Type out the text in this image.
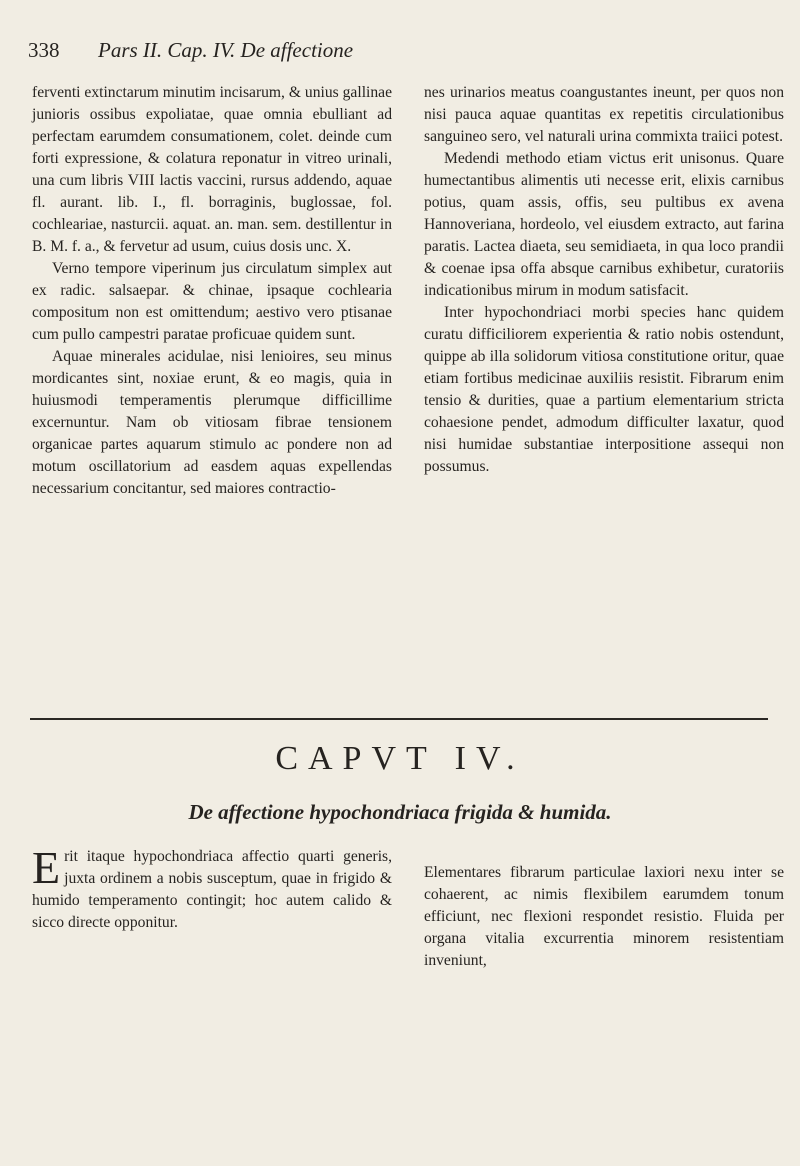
338 Pars II. Cap. IV. De affectione

ferventi extinctarum minutim incisarum, & unius gallinae junioris ossibus expoliatae, quae omnia ebulliant ad perfectam earumdem consumationem, colet. deinde cum forti expressione, & colatura reponatur in vitreo urinali, una cum libris VIII lactis vaccini, rursus addendo, aquae fl. aurant. lib. I., fl. borraginis, buglossae, fol. cochleariae, nasturcii. aquat. an. man. sem. destillentur in B. M. f. a., & fervetur ad usum, cuius dosis unc. X.

Verno tempore viperinum jus circulatum simplex aut ex radic. salsaepar. & chinae, ipsaque cochlearia compositum non est omittendum; aestivo vero ptisanae cum pullo campestri paratae proficuae quidem sunt.

Aquae minerales acidulae, nisi lenioires, seu minus mordicantes sint, noxiae erunt, & eo magis, quia in huiusmodi temperamentis plerumque difficillime excernuntur. Nam ob vitiosam fibrae tensionem organicae partes aquarum stimulo ac pondere non ad motum oscillatorium ad easdem aquas expellendas necessarium concitantur, sed maiores contractio-

nes urinarios meatus coangustantes ineunt, per quos non nisi pauca aquae quantitas ex repetitis circulationibus sanguineo sero, vel naturali urina commixta traiici potest.

Medendi methodo etiam victus erit unisonus. Quare humectantibus alimentis uti necesse erit, elixis carnibus potius, quam assis, offis, seu pultibus ex avena Hannoveriana, hordeolo, vel eiusdem extracto, aut farina paratis. Lactea diaeta, seu semidiaeta, in qua loco prandii & coenae ipsa offa absque carnibus exhibetur, curatoriis indicationibus mirum in modum satisfacit.

Inter hypochondriaci morbi species hanc quidem curatu difficiliorem experientia & ratio nobis ostendunt, quippe ab illa solidorum vitiosa constitutione oritur, quae etiam fortibus medicinae auxiliis resistit. Fibrarum enim tensio & durities, quae a partium elementarium stricta cohaesione pendet, admodum difficulter laxatur, quod nisi humidae substantiae interpositione assequi non possumus.

CAPVT IV.
De affectione hypochondriaca frigida & humida.
E rit itaque hypochondriaca affectio quarti generis, juxta ordinem a nobis susceptum, quae in frigido & humido temperamento contingit; hoc autem calido & sicco directe opponitur.

Elementares fibrarum particulae laxiori nexu inter se cohaerent, ac nimis flexibilem earumdem tonum efficiunt, nec flexioni respondet resistio. Fluida per organa vitalia excurrentia minorem resistentiam inveniunt,
